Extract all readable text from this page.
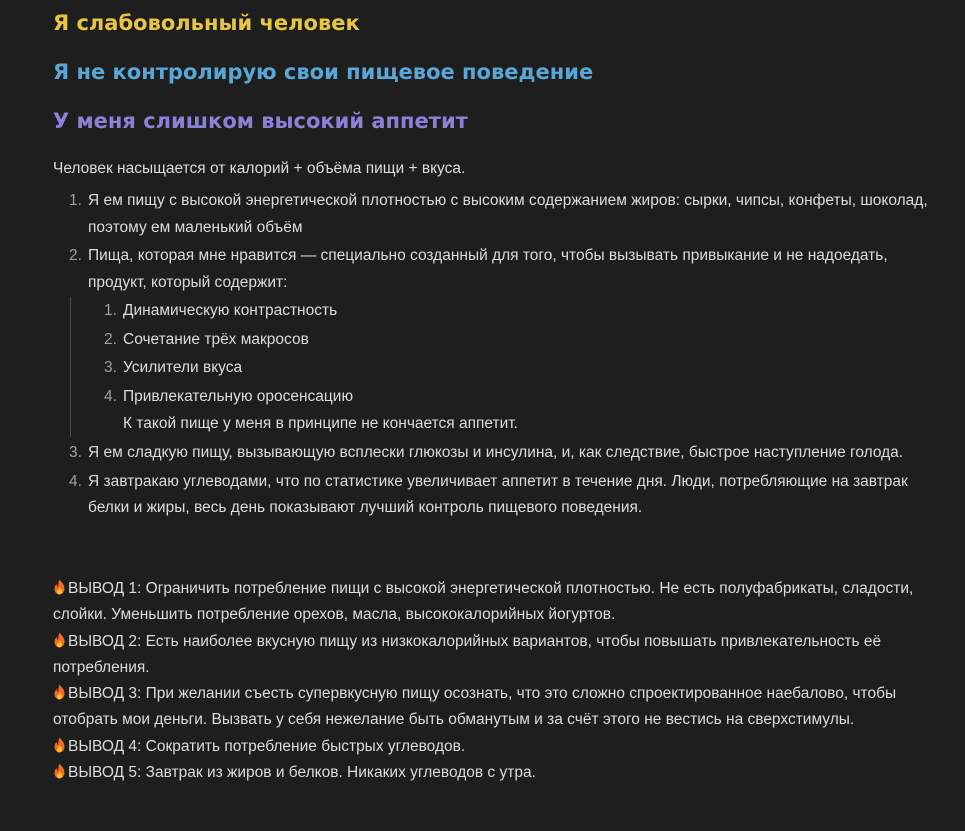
Я слабовольный человек
Я не контролирую свои пищевое поведение
У меня слишком высокий аппетит

Человек насыщается от калорий + объёма пищи + вкуса.

1. Я ем пищу с высокой энергетической плотностью с высоким содержанием жиров: сырки, чипсы, конфеты, шоколад, поэтому ем маленький объём
2. Пища, которая мне нравится — специально созданный для того, чтобы вызывать привыкание и не надоедать, продукт, который содержит:
1. Динамическую контрастность
2. Сочетание трёх макросов
3. Усилители вкуса
4. Привлекательную оросенсацию
К такой пище у меня в принципе не кончается аппетит.
3. Я ем сладкую пищу, вызывающую всплески глюкозы и инсулина, и, как следствие, быстрое наступление голода.
4. Я завтракаю углеводами, что по статистике увеличивает аппетит в течение дня. Люди, потребляющие на завтрак белки и жиры, весь день показывают лучший контроль пищевого поведения.

ВЫВОД 1: Ограничить потребление пищи с высокой энергетической плотностью. Не есть полуфабрикаты, сладости, слойки. Уменьшить потребление орехов, масла, высококалорийных йогуртов.

ВЫВОД 2: Есть наиболее вкусную пищу из низкокалорийных вариантов, чтобы повышать привлекательность её потребления.

ВЫВОД 3: При желании съесть супервкусную пищу осознать, что это сложно спроектированное наебалово, чтобы отобрать мои деньги. Вызвать у себя нежелание быть обманутым и за счёт этого не вестись на сверхстимулы.

ВЫВОД 4: Сократить потребление быстрых углеводов.

ВЫВОД 5: Завтрак из жиров и белков. Никаких углеводов с утра.
